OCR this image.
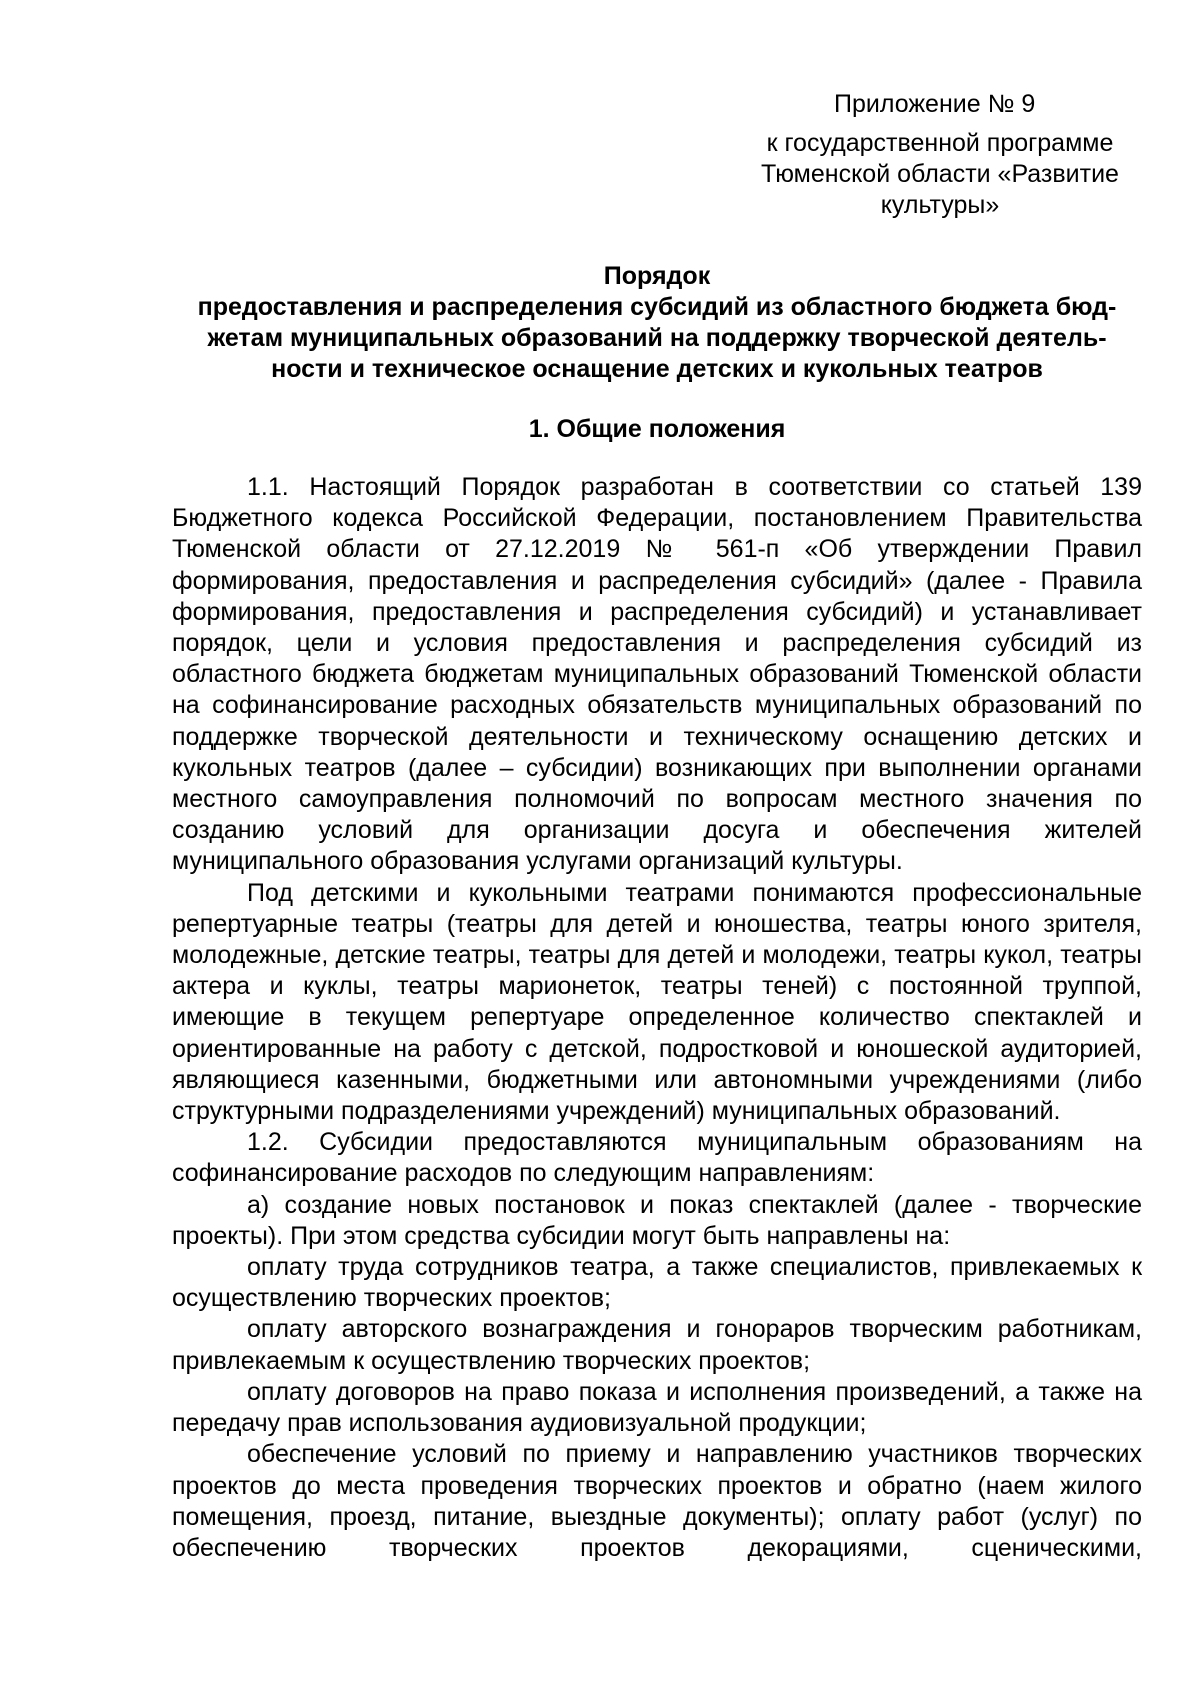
Приложение № 9
к государственной программе Тюменской области «Развитие культуры»
Порядок
предоставления и распределения субсидий из областного бюджета бюд-
жетам муниципальных образований на поддержку творческой деятель-
ности и техническое оснащение детских и кукольных театров
1. Общие положения

1.1. Настоящий Порядок разработан в соответствии со статьей 139 Бюджетного кодекса Российской Федерации, постановлением Правительства Тюменской области от 27.12.2019 № 561-п «Об утверждении Правил формирования, предоставления и распределения субсидий» (далее - Правила формирования, предоставления и распределения субсидий) и устанавливает порядок, цели и условия предоставления и распределения субсидий из областного бюджета бюджетам муниципальных образований Тюменской области на софинансирование расходных обязательств муниципальных образований по поддержке творческой деятельности и техническому оснащению детских и кукольных театров (далее – субсидии) возникающих при выполнении органами местного самоуправления полномочий по вопросам местного значения по созданию условий для организации досуга и обеспечения жителей муниципального образования услугами организаций культуры.

Под детскими и кукольными театрами понимаются профессиональные репертуарные театры (театры для детей и юношества, театры юного зрителя, молодежные, детские театры, театры для детей и молодежи, театры кукол, театры актера и куклы, театры марионеток, театры теней) с постоянной труппой, имеющие в текущем репертуаре определенное количество спектаклей и ориентированные на работу с детской, подростковой и юношеской аудиторией, являющиеся казенными, бюджетными или автономными учреждениями (либо структурными подразделениями учреждений) муниципальных образований.

1.2. Субсидии предоставляются муниципальным образованиям на софинансирование расходов по следующим направлениям:

а) создание новых постановок и показ спектаклей (далее - творческие проекты). При этом средства субсидии могут быть направлены на:

оплату труда сотрудников театра, а также специалистов, привлекаемых к осуществлению творческих проектов;

оплату авторского вознаграждения и гонораров творческим работникам, привлекаемым к осуществлению творческих проектов;

оплату договоров на право показа и исполнения произведений, а также на передачу прав использования аудиовизуальной продукции;

обеспечение условий по приему и направлению участников творческих проектов до места проведения творческих проектов и обратно (наем жилого помещения, проезд, питание, выездные документы); оплату работ (услуг) по обеспечению творческих проектов декорациями, сценическими,
